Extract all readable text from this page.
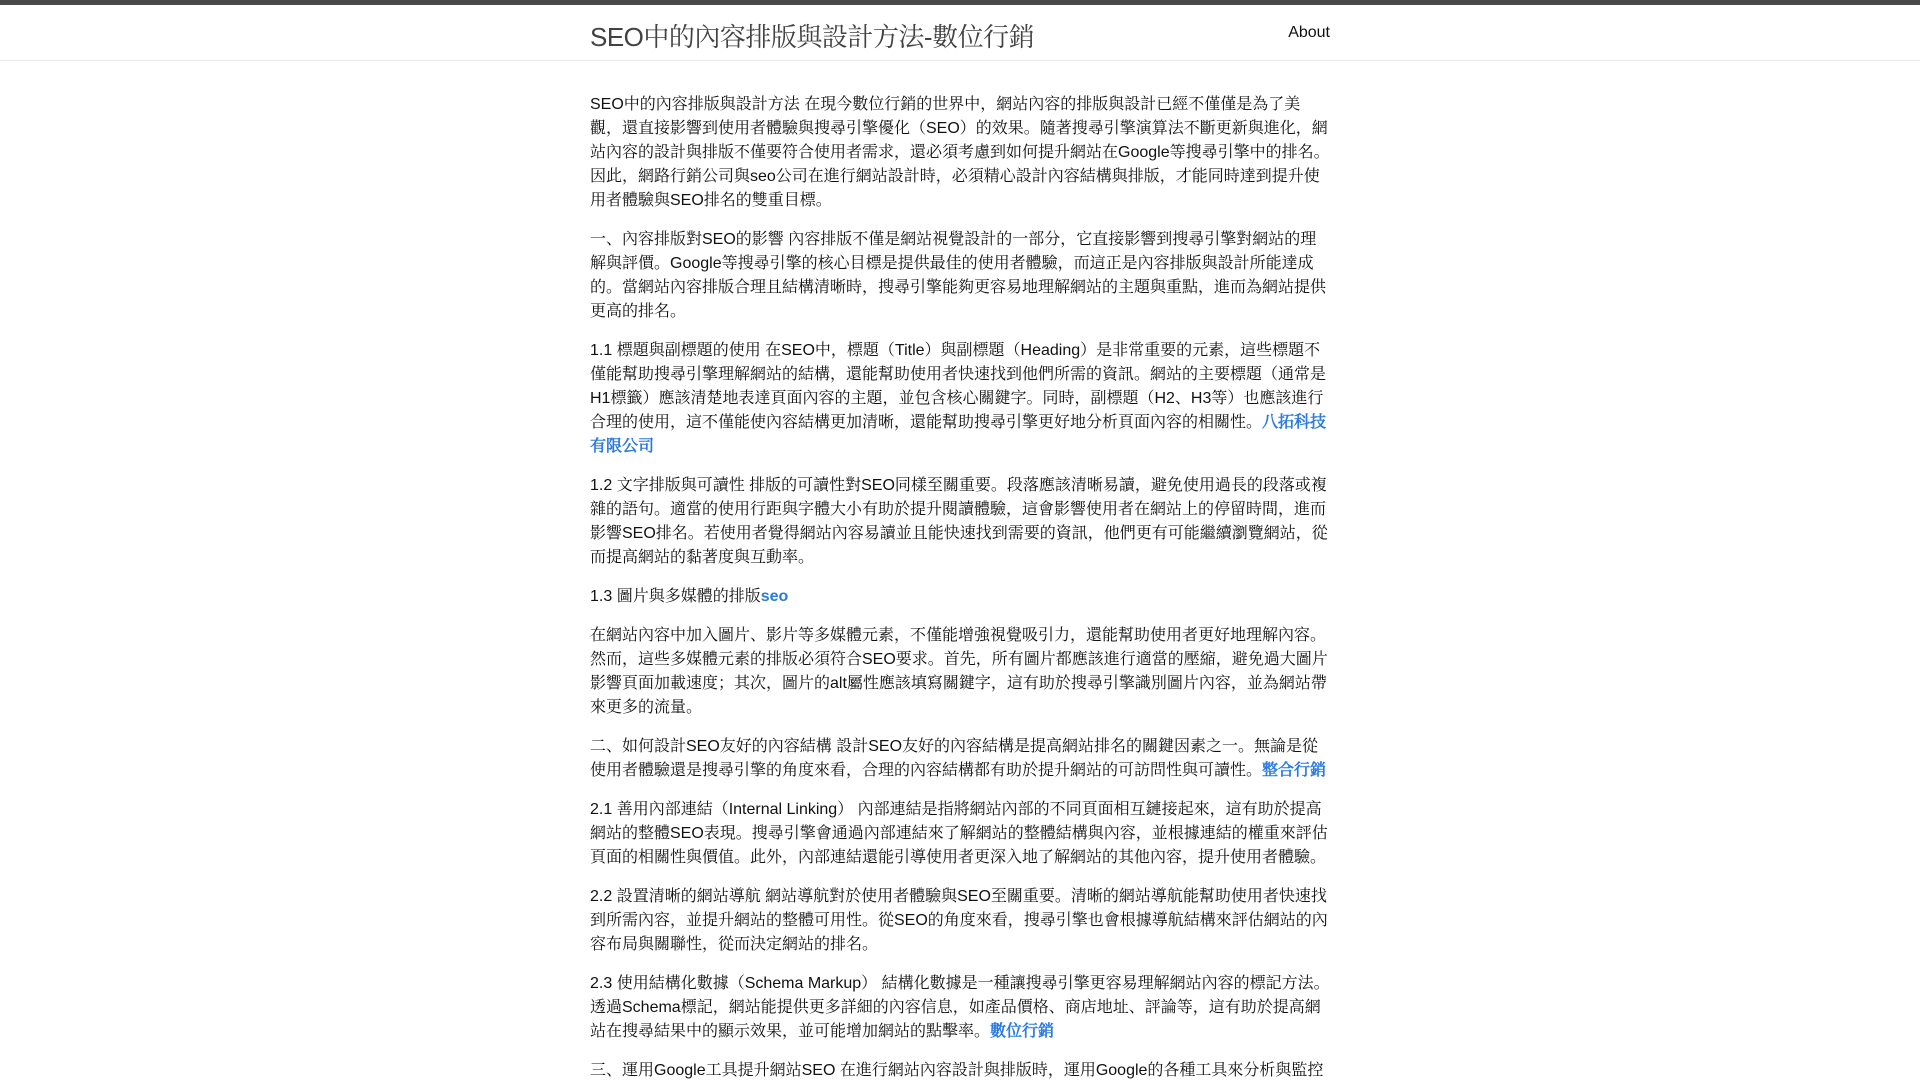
SEO中的內容排版與設計方法-數位行銷	About

SEO中的內容排版與設計方法 在現今數位行銷的世界中，網站內容的排版與設計已經不僅僅是為了美觀，還直接影響到使用者體驗與搜尋引擎優化（SEO）的效果。隨著搜尋引擎演算法不斷更新與進化，網站內容的設計與排版不僅要符合使用者需求，還必須考慮到如何提升網站在Google等搜尋引擎中的排名。因此，網路行銷公司與seo公司在進行網站設計時，必須精心設計內容結構與排版，才能同時達到提升使用者體驗與SEO排名的雙重目標。

一、內容排版對SEO的影響 內容排版不僅是網站視覺設計的一部分，它直接影響到搜尋引擎對網站的理解與評價。Google等搜尋引擎的核心目標是提供最佳的使用者體驗，而這正是內容排版與設計所能達成的。當網站內容排版合理且結構清晰時，搜尋引擎能夠更容易地理解網站的主題與重點，進而為網站提供更高的排名。

1.1 標題與副標題的使用 在SEO中，標題（Title）與副標題（Heading）是非常重要的元素，這些標題不僅能幫助搜尋引擎理解網站的結構，還能幫助使用者快速找到他們所需的資訊。網站的主要標題（通常是H1標籤）應該清楚地表達頁面內容的主題，並包含核心關鍵字。同時，副標題（H2、H3等）也應該進行合理的使用，這不僅能使內容結構更加清晰，還能幫助搜尋引擎更好地分析頁面內容的相關性。八拓科技有限公司

1.2 文字排版與可讀性 排版的可讀性對SEO同樣至關重要。段落應該清晰易讀，避免使用過長的段落或複雜的語句。適當的使用行距與字體大小有助於提升閱讀體驗，這會影響使用者在網站上的停留時間，進而影響SEO排名。若使用者覺得網站內容易讀並且能快速找到需要的資訊，他們更有可能繼續瀏覽網站，從而提高網站的黏著度與互動率。

1.3 圖片與多媒體的排版seo

在網站內容中加入圖片、影片等多媒體元素，不僅能增強視覺吸引力，還能幫助使用者更好地理解內容。然而，這些多媒體元素的排版必須符合SEO要求。首先，所有圖片都應該進行適當的壓縮，避免過大圖片影響頁面加載速度；其次，圖片的alt屬性應該填寫關鍵字，這有助於搜尋引擎識別圖片內容，並為網站帶來更多的流量。

二、如何設計SEO友好的內容結構 設計SEO友好的內容結構是提高網站排名的關鍵因素之一。無論是從使用者體驗還是搜尋引擎的角度來看，合理的內容結構都有助於提升網站的可訪問性與可讀性。整合行銷

2.1 善用內部連結（Internal Linking） 內部連結是指將網站內部的不同頁面相互鏈接起來，這有助於提高網站的整體SEO表現。搜尋引擎會通過內部連結來了解網站的整體結構與內容，並根據連結的權重來評估頁面的相關性與價值。此外，內部連結還能引導使用者更深入地了解網站的其他內容，提升使用者體驗。

2.2 設置清晰的網站導航 網站導航對於使用者體驗與SEO至關重要。清晰的網站導航能幫助使用者快速找到所需內容，並提升網站的整體可用性。從SEO的角度來看，搜尋引擎也會根據導航結構來評估網站的內容布局與關聯性，從而決定網站的排名。

2.3 使用結構化數據（Schema Markup） 結構化數據是一種讓搜尋引擎更容易理解網站內容的標記方法。透過Schema標記，網站能提供更多詳細的內容信息，如產品價格、商店地址、評論等，這有助於提高網站在搜尋結果中的顯示效果，並可能增加網站的點擊率。數位行銷

三、運用Google工具提升網站SEO 在進行網站內容設計與排版時，運用Google的各種工具來分析與監控
